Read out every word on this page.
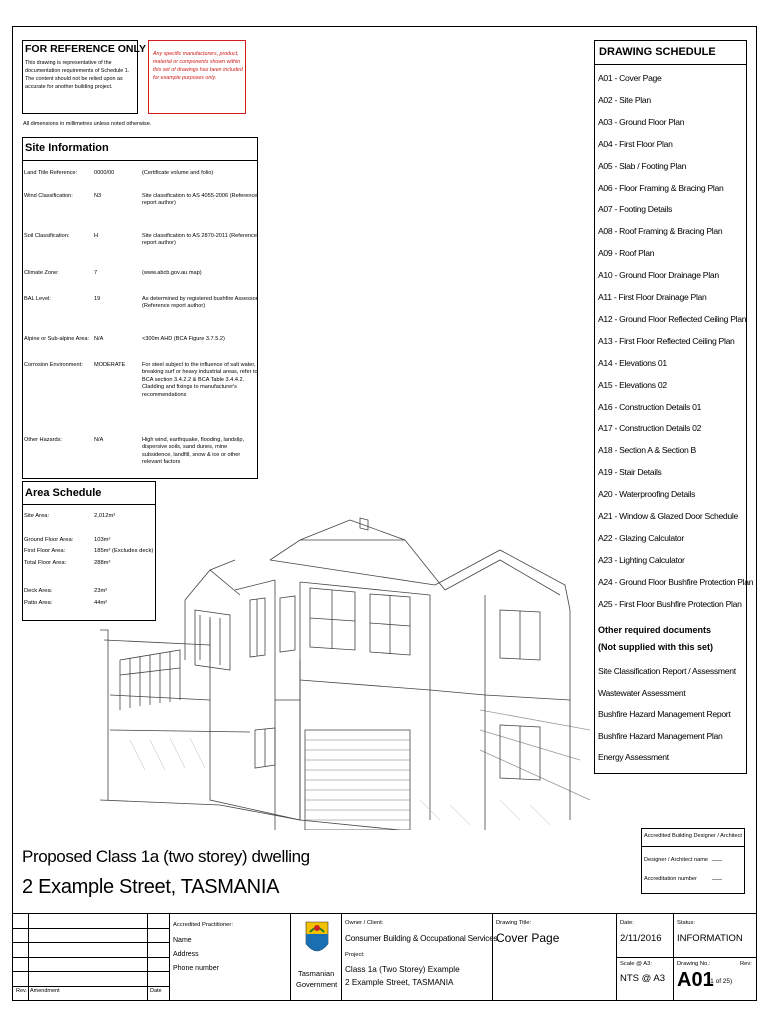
FOR REFERENCE ONLY
This drawing is representative of the documentation requirements of Schedule 1. The content should not be relied upon as accurate for another building project.
Any specific manufacturers, product, material or components shown within this set of drawings has been included for example purposes only.
All dimensions in millimetres unless noted otherwise.
Site Information
Land Title Reference:	0000/00	(Certificate volume and folio)
Wind Classification:	N3	Site classification to AS 4055-2006 (Reference report author)
Soil Classification:	H	Site classification to AS 2870-2011 (Reference report author)
Climate Zone:	7	(www.abcb.gov.au map)
BAL Level:	19	As determined by registered bushfire Assessor (Reference report author)
Alpine or Sub-alpine Area: N/A	<300m AHD (BCA Figure 3.7.5.2)
Corrosion Environment:	MODERATE	For steel subject to the influence of salt water, breaking surf or heavy industrial areas, refer to BCA section 3.4.2.2 & BCA Table 3.4.4.2. Cladding and fixings to manufacturer's recommendations
Other Hazards:	N/A	High wind, earthquake, flooding, landslip, dispersive soils, sand dunes, mine subsidence, landfill, snow & ice or other relevant factors
Area Schedule
Site Area:	2,012m²
Ground Floor Area:	103m²
First Floor Area:	185m² (Excludes deck)
Total Floor Area:	288m²
Deck Area:	23m²
Patio Area:	44m²
DRAWING SCHEDULE
A01 - Cover Page
A02 - Site Plan
A03 - Ground Floor Plan
A04 - First Floor Plan
A05 - Slab / Footing Plan
A06 - Floor Framing & Bracing Plan
A07 - Footing Details
A08 - Roof Framing & Bracing Plan
A09 - Roof Plan
A10 - Ground Floor Drainage Plan
A11 - First Floor Drainage Plan
A12 - Ground Floor Reflected Ceiling Plan
A13 - First Floor Reflected Ceiling Plan
A14 - Elevations 01
A15 - Elevations 02
A16 - Construction Details 01
A17 - Construction Details 02
A18 - Section A & Section B
A19 - Stair Details
A20 - Waterproofing Details
A21 - Window & Glazed Door Schedule
A22 - Glazing Calculator
A23 - Lighting Calculator
A24 - Ground Floor Bushfire Protection Plan
A25 - First Floor Bushfire Protection Plan
Other required documents
(Not supplied with this set)
Site Classification Report / Assessment
Wastewater Assessment
Bushfire Hazard Management Report
Bushfire Hazard Management Plan
Energy Assessment
Accredited Building Designer / Architect
Designer / Architect name ___
Accreditation number	___
Proposed Class 1a (two storey) dwelling
2 Example Street, TASMANIA
Rev. Amendment	Date
Accredited Practitioner:
Name
Address
Phone number
Tasmanian
Government
Owner / Client:
Consumer Building & Occupational Services
Project:
Class 1a (Two Storey) Example
2 Example Street, TASMANIA
Drawing Title:
Cover Page
Date:
2/11/2016
Status:
INFORMATION
Scale @ A3:
NTS @ A3
Drawing No.:	Rev:
A01
(1 of 25)
